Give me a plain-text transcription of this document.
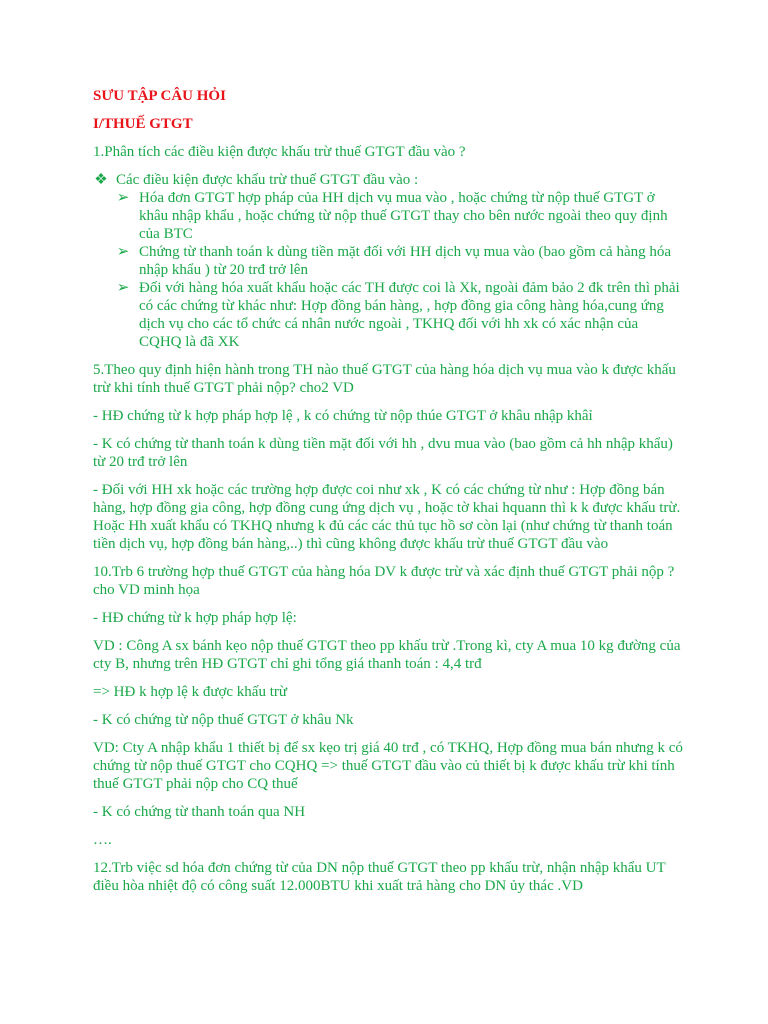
SƯU TẬP CÂU HỎI

I/THUẾ GTGT

1.Phân tích các điều kiện được khấu trừ thuế GTGT đầu vào ?

❖ Các điều kiện được khấu trừ thuế GTGT đầu vào :
➢ Hóa đơn GTGT hợp pháp của HH dịch vụ mua vào , hoặc chứng từ nộp thuế GTGT ở khâu nhập khẩu , hoặc chứng từ nộp thuế GTGT thay cho bên nước ngoài theo quy định của BTC
➢ Chứng từ thanh toán k dùng tiền mặt đối với HH dịch vụ mua vào (bao gồm cả hàng hóa nhập khẩu ) từ 20 trđ trở lên
➢ Đối với hàng hóa xuất khẩu hoặc các TH được coi là Xk, ngoài đảm bảo 2 đk trên thì phải có các chứng từ khác như: Hợp đồng bán hàng, , hợp đồng gia công hàng hóa,cung ứng dịch vụ cho các tổ chức cá nhân nước ngoài , TKHQ đối với hh xk có xác nhận của CQHQ là đã XK

5.Theo quy định hiện hành trong TH nào thuế GTGT của hàng hóa dịch vụ mua vào k được khấu trừ khi tính thuế GTGT phải nộp? cho2 VD

- HĐ chứng từ k hợp pháp hợp lệ , k có chứng từ nộp thúe GTGT ở khâu nhập khâỉ

- K có chứng từ thanh toán k dùng tiền mặt đối với hh , dvu mua vào (bao gồm cả hh nhập khẩu) từ 20 trđ trở lên

- Đối với HH xk hoặc các trường hợp được coi như xk , K có các chứng từ như : Hợp đồng bán hàng, hợp đồng gia công, hợp đồng cung ứng dịch vụ , hoặc tờ khai hquann thì k k được khấu trừ. Hoặc Hh xuất khẩu có TKHQ nhưng k đủ các các thủ tục hồ sơ còn lại (như chứng từ thanh toán tiền dịch vụ, hợp đồng bán hàng,..) thì cũng không được khấu trừ thuế GTGT đầu vào

10.Trb 6 trường hợp thuế GTGT của hàng hóa DV k được trừ và xác định thuế GTGT phải nộp ? cho VD minh họa

- HĐ chứng từ k hợp pháp hợp lệ:

VD : Công A sx bánh kẹo nộp thuế GTGT theo pp khấu trừ .Trong kì, cty A mua 10 kg đường của cty B, nhưng trên HĐ GTGT chỉ ghi tổng giá thanh toán : 4,4 trđ

=> HĐ k hợp lệ k được khấu trừ

- K có chứng từ nộp thuế GTGT ở khâu Nk

VD: Cty A nhập khẩu 1 thiết bị để sx kẹo trị giá 40 trđ , có TKHQ, Hợp đồng mua bán nhưng k có chứng từ nộp thuế GTGT cho CQHQ => thuế GTGT đầu vào củ thiết bị k được khấu trừ khi tính thuế GTGT phải nộp cho CQ thuế

- K có chứng từ thanh toán qua NH

….

12.Trb việc sd hóa đơn chứng từ của DN nộp thuế GTGT theo pp khấu trừ, nhận nhập khẩu UT điều hòa nhiệt độ có công suất 12.000BTU khi xuất trả hàng cho DN ủy thác .VD
